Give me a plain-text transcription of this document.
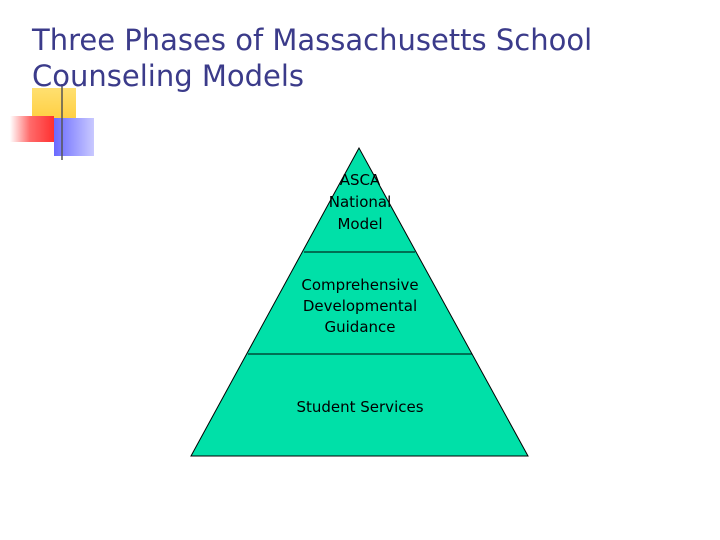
Three Phases of Massachusetts School
Counseling Models
ASCA
National
Model
Comprehensive
Developmental
Guidance
Student Services
